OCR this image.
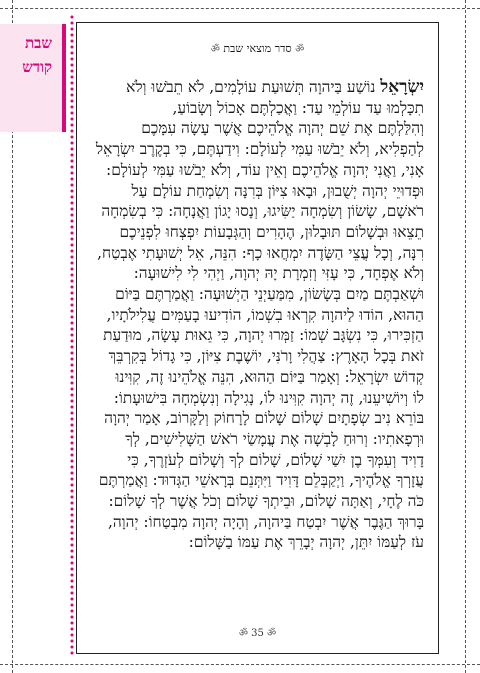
שבת
קודש
ॐ סדר מוצאי שבת ॐ
יִשְׂרָאֵל נוֹשַׁע בַּיהוָה תְּשׁוּעַת עוֹלָמִים, לֹא תֵבֹשׁוּ וְלֹא
תִכָּלְמוּ עַד עוֹלְמֵי עַד: וַאֲכַלְתֶּם אָכוֹל וְשָׂבוֹעַ,
וְהִלַּלְתֶּם אֶת שֵׁם יְהוָה אֱלֹהֵיכֶם אֲשֶׁר עָשָׂה עִמָּכֶם
לְהַפְלִיא, וְלֹא יֵבֹשׁוּ עַמִּי לְעוֹלָם: וִידַעְתֶּם, כִּי בְקֶרֶב יִשְׂרָאֵל
אָנִי, וַאֲנִי יְהוָה אֱלֹהֵיכֶם וְאֵין עוֹד, וְלֹא יֵבֹשׁוּ עַמִּי לְעוֹלָם:
וּפְדוּיֵי יְהוָה יְשֻׁבוּן, וּבָאוּ צִיּוֹן בְּרִנָּה וְשִׂמְחַת עוֹלָם עַל
רֹאשָׁם, שָׂשׂוֹן וְשִׂמְחָה יַשִּׂיגוּ, וְנָסוּ יָגוֹן וַאֲנָחָה: כִּי בְשִׂמְחָה
תֵצֵאוּ וּבְשָׁלוֹם תּוּבָלוּן, הֶהָרִים וְהַגְּבָעוֹת יִפְצְחוּ לִפְנֵיכֶם
רִנָּה, וְכָל עֲצֵי הַשָּׂדֶה יִמְחֲאוּ כָף: הִנֵּה, אֵל יְשׁוּעָתִי אֶבְטַח,
וְלֹא אֶפְחָד, כִּי עָזִּי וְזִמְרָת יָהּ יְהוָה, וַיְהִי לִי לִישׁוּעָה:
וּשְׁאַבְתֶּם מַיִם בְּשָׂשׂוֹן, מִמַּעַיְנֵי הַיְשׁוּעָה: וַאֲמַרְתֶּם בַּיּוֹם
הַהוּא, הוֹדוּ לַיהוָה קִרְאוּ בִשְׁמוֹ, הוֹדִיעוּ בָעַמִּים עֲלִילֹתָיו,
הַזְכִּירוּ, כִּי נִשְׂגָּב שְׁמוֹ: זַמְּרוּ יְהוָה, כִּי גֵאוּת עָשָׂה, מוּדַעַת
זֹאת בְּכָל הָאָרֶץ: צַהֲלִי וָרֹנִּי, יוֹשֶׁבֶת צִיּוֹן, כִּי גָדוֹל בְּקִרְבֵּךְ
קְדוֹשׁ יִשְׂרָאֵל: וְאָמַר בַּיּוֹם הַהוּא, הִנֵּה אֱלֹהֵינוּ זֶה, קִוִּינוּ
לוֹ וְיוֹשִׁיעֵנוּ, זֶה יְהוָה קִוִּינוּ לוֹ, נָגִילָה וְנִשְׂמְחָה בִּישׁוּעָתוֹ:
בּוֹרֵא נִיב שְׂפָתָיִם שָׁלוֹם שָׁלוֹם לָרָחוֹק וְלַקָּרוֹב, אָמַר יְהוָה
וּרְפָאתִיו: וְרוּחַ לָבְשָׁה אֶת עֲמָשַׂי רֹאשׁ הַשָּׁלִישִׁים, לְךָ
דָוִיד וְעִמְּךָ בֶן יִשַׁי שָׁלוֹם, שָׁלוֹם לְךָ וְשָׁלוֹם לְעֹזְרֶךָ, כִּי
עֲזָרְךָ אֱלֹהֶיךָ, וַיְקַבְּלֵם דָּוִיד וַיִּתְּנֵם בְּרָאשֵׁי הַגְּדוּד: וַאֲמַרְתֶּם
כֹּה לֶחָי, וְאַתָּה שָׁלוֹם, וּבֵיתְךָ שָׁלוֹם וְכֹל אֲשֶׁר לְךָ שָׁלוֹם:
בָּרוּךְ הַגֶּבֶר אֲשֶׁר יִבְטַח בַּיהוָה, וְהָיָה יְהוָה מִבְטַחוֹ: יְהוָה,
עֹז לְעַמּוֹ יִתֵּן, יְהוָה יְבָרֵךְ אֶת עַמּוֹ בַשָּׁלוֹם:
ॐ 35 ॐ
